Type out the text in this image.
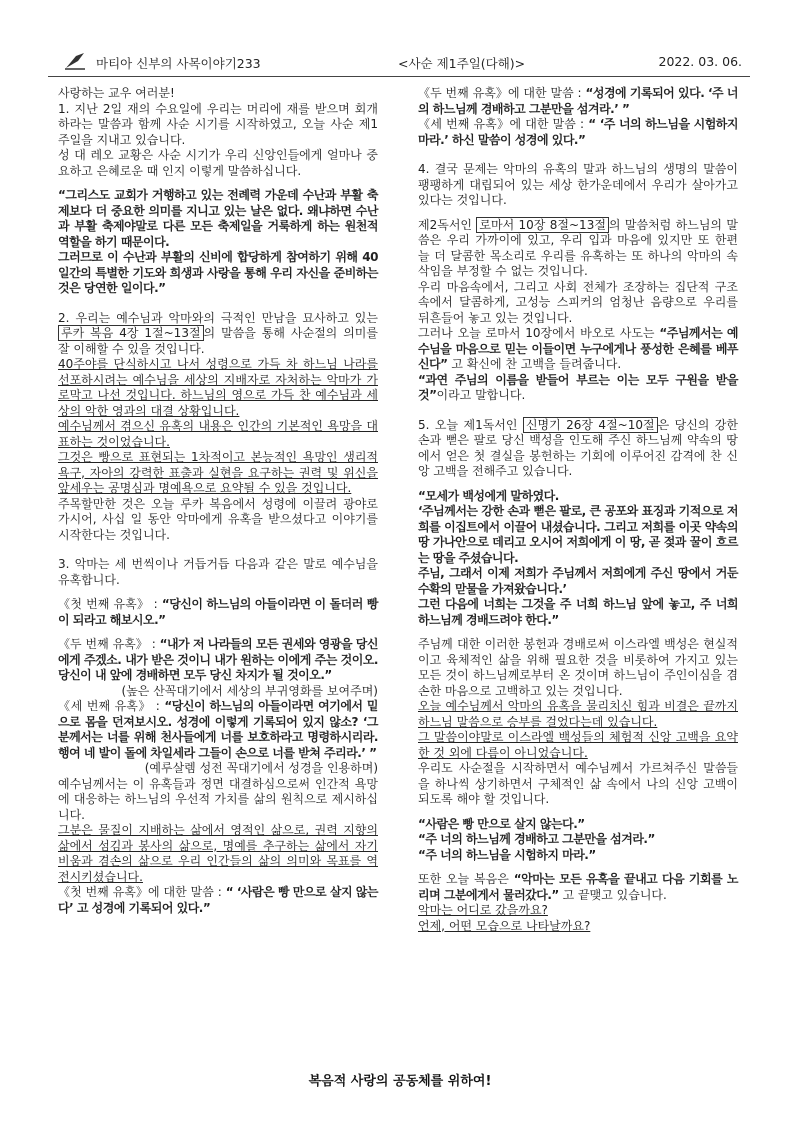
마티아 신부의 사목이야기233	<사순 제1주일(다해)>	2022. 03. 06.

사랑하는 교우 여러분!

1. 지난 2일 재의 수요일에 우리는 머리에 재를 받으며 회개하라는 말씀과 함께 사순 시기를 시작하였고, 오늘 사순 제1주일을 지내고 있습니다.

성 대 레오 교황은 사순 시기가 우리 신앙인들에게 얼마나 중요하고 은혜로운 때 인지 이렇게 말씀하십니다.

“그리스도 교회가 거행하고 있는 전례력 가운데 수난과 부활 축제보다 더 중요한 의미를 지니고 있는 날은 없다. 왜냐하면 수난과 부활 축제야말로 다른 모든 축제일을 거룩하게 하는 원천적 역할을 하기 때문이다.

그러므로 이 수난과 부활의 신비에 합당하게 참여하기 위해 40일간의 특별한 기도와 희생과 사랑을 통해 우리 자신을 준비하는 것은 당연한 일이다.”

2. 우리는 예수님과 악마와의 극적인 만남을 묘사하고 있는 루카 복음 4장 1절~13절 의 말씀을 통해 사순절의 의미를 잘 이해할 수 있을 것입니다.

40주야를 단식하시고 나서 성령으로 가득 차 하느님 나라를 선포하시려는 예수님을 세상의 지배자로 자처하는 악마가 가로막고 나선 것입니다. 하느님의 영으로 가득 찬 예수님과 세상의 악한 영과의 대결 상황입니다.

예수님께서 겪으신 유혹의 내용은 인간의 기본적인 욕망을 대표하는 것이었습니다.

그것은 빵으로 표현되는 1차적이고 본능적인 욕망인 생리적 욕구, 자아의 강력한 표출과 실현을 요구하는 권력 및 위신을 앞세우는 공명심과 명예욕으로 요약될 수 있을 것입니다.

주목할만한 것은 오늘 루카 복음에서 성령에 이끌려 광야로 가시어, 사십 일 동안 악마에게 유혹을 받으셨다고 이야기를 시작한다는 것입니다.

3. 악마는 세 번씩이나 거듭거듭 다음과 같은 말로 예수님을 유혹합니다.

《첫 번째 유혹》 : “당신이 하느님의 아들이라면 이 돌더러 빵이 되라고 해보시오.”

《두 번째 유혹》 : “내가 저 나라들의 모든 권세와 영광을 당신에게 주겠소. 내가 받은 것이니 내가 원하는 이에게 주는 것이오. 당신이 내 앞에 경배하면 모두 당신 차지가 될 것이오.”

(높은 산꼭대기에서 세상의 부귀영화를 보여주며)

《세 번째 유혹》 : “당신이 하느님의 아들이라면 여기에서 밑으로 몸을 던져보시오. 성경에 이렇게 기록되어 있지 않소? ‘그분께서는 너를 위해 천사들에게 너를 보호하라고 명령하시리라. 행여 네 발이 돌에 차일세라 그들이 손으로 너를 받쳐 주리라.’ ”

(예루살렘 성전 꼭대기에서 성경을 인용하며)

예수님께서는 이 유혹들과 정면 대결하심으로써 인간적 욕망에 대응하는 하느님의 우선적 가치를 삶의 원칙으로 제시하십니다.

그분은 물질이 지배하는 삶에서 영적인 삶으로, 권력 지향의 삶에서 섬김과 봉사의 삶으로, 명예를 추구하는 삶에서 자기 비움과 겸손의 삶으로 우리 인간들의 삶의 의미와 목표를 역전시키셨습니다.

《첫 번째 유혹》에 대한 말씀 : “ ‘사람은 빵 만으로 살지 않는다’ 고 성경에 기록되어 있다.”

《두 번째 유혹》에 대한 말씀 : “성경에 기록되어 있다. ‘주 너의 하느님께 경배하고 그분만을 섬겨라.’ ”

《세 번째 유혹》에 대한 말씀 : “ ‘주 너의 하느님을 시험하지 마라.’ 하신 말씀이 성경에 있다.”

4. 결국 문제는 악마의 유혹의 말과 하느님의 생명의 말씀이 팽팽하게 대립되어 있는 세상 한가운데에서 우리가 살아가고 있다는 것입니다.

제2독서인 로마서 10장 8절~13절 의 말씀처럼 하느님의 말씀은 우리 가까이에 있고, 우리 입과 마음에 있지만 또 한편 늘 더 달콤한 목소리로 우리를 유혹하는 또 하나의 악마의 속삭임을 부정할 수 없는 것입니다.

우리 마음속에서, 그리고 사회 전체가 조장하는 집단적 구조 속에서 달콤하게, 고성능 스피커의 엄청난 음량으로 우리를 뒤흔들어 놓고 있는 것입니다.

그러나 오늘 로마서 10장에서 바오로 사도는 “주님께서는 예수님을 마음으로 믿는 이들이면 누구에게나 풍성한 은혜를 베푸신다” 고 확신에 찬 고백을 들려줍니다.

“과연 주님의 이름을 받들어 부르는 이는 모두 구원을 받을 것”이라고 말합니다.

5. 오늘 제1독서인 신명기 26장 4절~10절 은 당신의 강한 손과 뻗은 팔로 당신 백성을 인도해 주신 하느님께 약속의 땅에서 얻은 첫 결실을 봉헌하는 기회에 이루어진 감격에 찬 신앙 고백을 전해주고 있습니다.

“모세가 백성에게 말하였다.

‘주님께서는 강한 손과 뻗은 팔로, 큰 공포와 표징과 기적으로 저희를 이집트에서 이끌어 내셨습니다. 그리고 저희를 이곳 약속의 땅 가나안으로 데리고 오시어 저희에게 이 땅, 곧 젖과 꿀이 흐르는 땅을 주셨습니다.

주님, 그래서 이제 저희가 주님께서 저희에게 주신 땅에서 거둔 수확의 맏물을 가져왔습니다.’

그런 다음에 너희는 그것을 주 너희 하느님 앞에 놓고, 주 너희 하느님께 경배드려야 한다.”

주님께 대한 이러한 봉헌과 경배로써 이스라엘 백성은 현실적이고 육체적인 삶을 위해 필요한 것을 비롯하여 가지고 있는 모든 것이 하느님께로부터 온 것이며 하느님이 주인이심을 겸손한 마음으로 고백하고 있는 것입니다.

오늘 예수님께서 악마의 유혹을 물리치신 힘과 비결은 끝까지 하느님 말씀으로 승부를 걸었다는데 있습니다.

그 말씀이야말로 이스라엘 백성들의 체험적 신앙 고백을 요약한 것 외에 다름이 아니었습니다.

우리도 사순절을 시작하면서 예수님께서 가르쳐주신 말씀들을 하나씩 상기하면서 구체적인 삶 속에서 나의 신앙 고백이 되도록 해야 할 것입니다.

“사람은 빵 만으로 살지 않는다.”

“주 너의 하느님께 경배하고 그분만을 섬겨라.”

“주 너의 하느님을 시험하지 마라.”

또한 오늘 복음은 “악마는 모든 유혹을 끝내고 다음 기회를 노리며 그분에게서 물러갔다.” 고 끝맺고 있습니다.

악마는 어디로 갔을까요?

언제, 어떤 모습으로 나타날까요?

복음적 사랑의 공동체를 위하여!
